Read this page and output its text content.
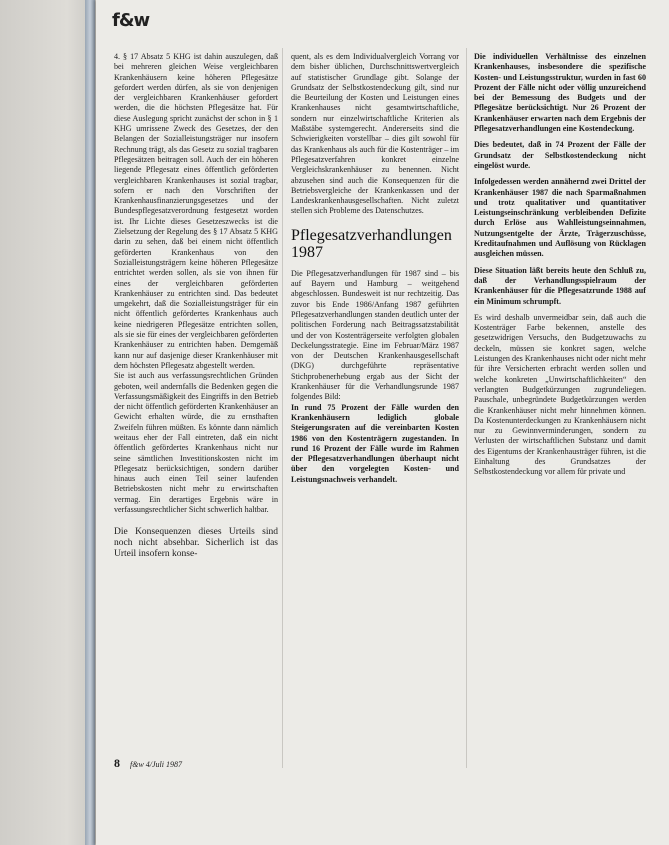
f&w

4. § 17 Absatz 5 KHG ist dahin auszulegen, daß bei mehreren gleichen Weise vergleichbaren Krankenhäusern keine höheren Pflegesätze gefordert werden dürfen, als sie von denjenigen der vergleichbaren Krankenhäuser gefordert werden, die die höchsten Pflegesätze hat. Für diese Auslegung spricht zunächst der schon in § 1 KHG umrissene Zweck des Gesetzes, der den Belangen der Sozialleistungsträger nur insofern Rechnung trägt, als das Gesetz zu sozial tragbaren Pflegesätzen beitragen soll. Auch der ein höheren liegende Pflegesatz eines öffentlich geförderten vergleichbaren Krankenhauses ist sozial tragbar, sofern er nach den Vorschriften der Krankenhausfinanzierungsgesetzes und der Bundespflegesatzverordnung festgesetzt worden ist. Ihr Lichte dieses Gesetzeszwecks ist die Zielsetzung der Regelung des § 17 Absatz 5 KHG darin zu sehen, daß bei einem nicht öffentlich geförderten Krankenhaus von den Sozialleistungsträgern keine höheren Pflegesätze entrichtet werden sollen, als sie von ihnen für eines der vergleichbaren geförderten Krankenhäuser zu entrichten sind. Das bedeutet umgekehrt, daß die Sozialleistungsträger für ein nicht öffentlich gefördertes Krankenhaus auch keine niedrigeren Pflegesätze entrichten sollen, als sie sie für eines der vergleichbaren geförderten Krankenhäuser zu entrichten haben. Demgemäß kann nur auf dasjenige dieser Krankenhäuser mit dem höchsten Pflegesatz abgestellt werden.

Sie ist auch aus verfassungsrechtlichen Gründen geboten, weil andernfalls die Bedenken gegen die Verfassungsmäßigkeit des Eingriffs in den Betrieb der nicht öffentlich geförderten Krankenhäuser an Gewicht erhalten würde, die zu ernsthaften Zweifeln führen müßten. Es könnte dann nämlich weitaus eher der Fall eintreten, daß ein nicht öffentlich gefördertes Krankenhaus nicht nur seine sämtlichen Investitionskosten nicht im Pflegesatz berücksichtigen, sondern darüber hinaus auch einen Teil seiner laufenden Betriebskosten nicht mehr zu erwirtschaften vermag. Ein derartiges Ergebnis wäre in verfassungsrechtlicher Sicht schwerlich haltbar.

Die Konsequenzen dieses Urteils sind noch nicht absehbar. Sicherlich ist das Urteil insofern konse-

quent, als es dem Individualvergleich Vorrang vor dem bisher üblichen, Durchschnittswertvergleich auf statistischer Grundlage gibt. Solange der Grundsatz der Selbstkostendeckung gilt, sind nur die Beurteilung der Kosten und Leistungen eines Krankenhauses nicht gesamtwirtschaftliche, sondern nur einzelwirtschaftliche Kriterien als Maßstäbe systemgerecht. Andererseits sind die Schwierigkeiten vorstellbar – dies gilt sowohl für das Krankenhaus als auch für die Kostenträger – im Pflegesatzverfahren konkret einzelne Vergleichskrankenhäuser zu benennen. Nicht abzusehen sind auch die Konsequenzen für die Betriebsvergleiche der Krankenkassen und der Landeskrankenhausgesellschaften. Nicht zuletzt stellen sich Probleme des Datenschutzes.

Pflegesatzverhandlungen 1987

Die Pflegesatzverhandlungen für 1987 sind – bis auf Bayern und Hamburg – weitgehend abgeschlossen. Bundesweit ist nur rechtzeitig. Das zuvor bis Ende 1986/Anfang 1987 geführten Pflegesatzverhandlungen standen deutlich unter der politischen Forderung nach Beitragssatzstabilität und der von Kostenträgerseite verfolgten globalen Deckelungsstrategie. Eine im Februar/März 1987 von der Deutschen Krankenhausgesellschaft (DKG) durchgeführte repräsentative Stichprobenerhebung ergab aus der Sicht der Krankenhäuser für die Verhandlungsrunde 1987 folgendes Bild:

In rund 75 Prozent der Fälle wurden den Krankenhäusern lediglich globale Steigerungsraten auf die vereinbarten Kosten 1986 von den Kostenträgern zugestanden. In rund 16 Prozent der Fälle wurde im Rahmen der Pflegesatzverhandlungen überhaupt nicht über den vorgelegten Kosten- und Leistungsnachweis verhandelt.

Die individuellen Verhältnisse des einzelnen Krankenhauses, insbesondere die spezifische Kosten- und Leistungsstruktur, wurden in fast 60 Prozent der Fälle nicht oder völlig unzureichend bei der Bemessung des Budgets und der Pflegesätze berücksichtigt. Nur 26 Prozent der Krankenhäuser erwarten nach dem Ergebnis der Pflegesatzverhandlungen eine Kostendeckung.

Dies bedeutet, daß in 74 Prozent der Fälle der Grundsatz der Selbstkostendeckung nicht eingelöst wurde.

Infolgedessen werden annähernd zwei Drittel der Krankenhäuser 1987 die nach Sparmaßnahmen und trotz qualitativer und quantitativer Leistungseinschränkung verbleibenden Defizite durch Erlöse aus Wahlleistungseinnahmen, Nutzungsentgelte der Ärzte, Trägerzuschüsse, Kreditaufnahmen und Auflösung von Rücklagen ausgleichen müssen.

Diese Situation läßt bereits heute den Schluß zu, daß der Verhandlungsspielraum der Krankenhäuser für die Pflegesatzrunde 1988 auf ein Minimum schrumpft.

Es wird deshalb unvermeidbar sein, daß auch die Kostenträger Farbe bekennen, anstelle des gesetzwidrigen Versuchs, den Budgetzuwachs zu deckeln, müssen sie konkret sagen, welche Leistungen des Krankenhauses nicht oder nicht mehr für ihre Versicherten erbracht werden sollen und welche konkreten „Unwirtschaftlichkeiten“ den verlangten Budgetkürzungen zugrundeliegen. Pauschale, unbegründete Budgetkürzungen werden die Krankenhäuser nicht mehr hinnehmen können. Da Kostenunterdeckungen zu Krankenhäusern nicht nur zu Gewinnverminderungen, sondern zu Verlusten der wirtschaftlichen Substanz und damit des Eigentums der Krankenhausträger führen, ist die Einhaltung des Grundsatzes der Selbstkostendeckung vor allem für private und

8 f&w 4/Juli 1987
